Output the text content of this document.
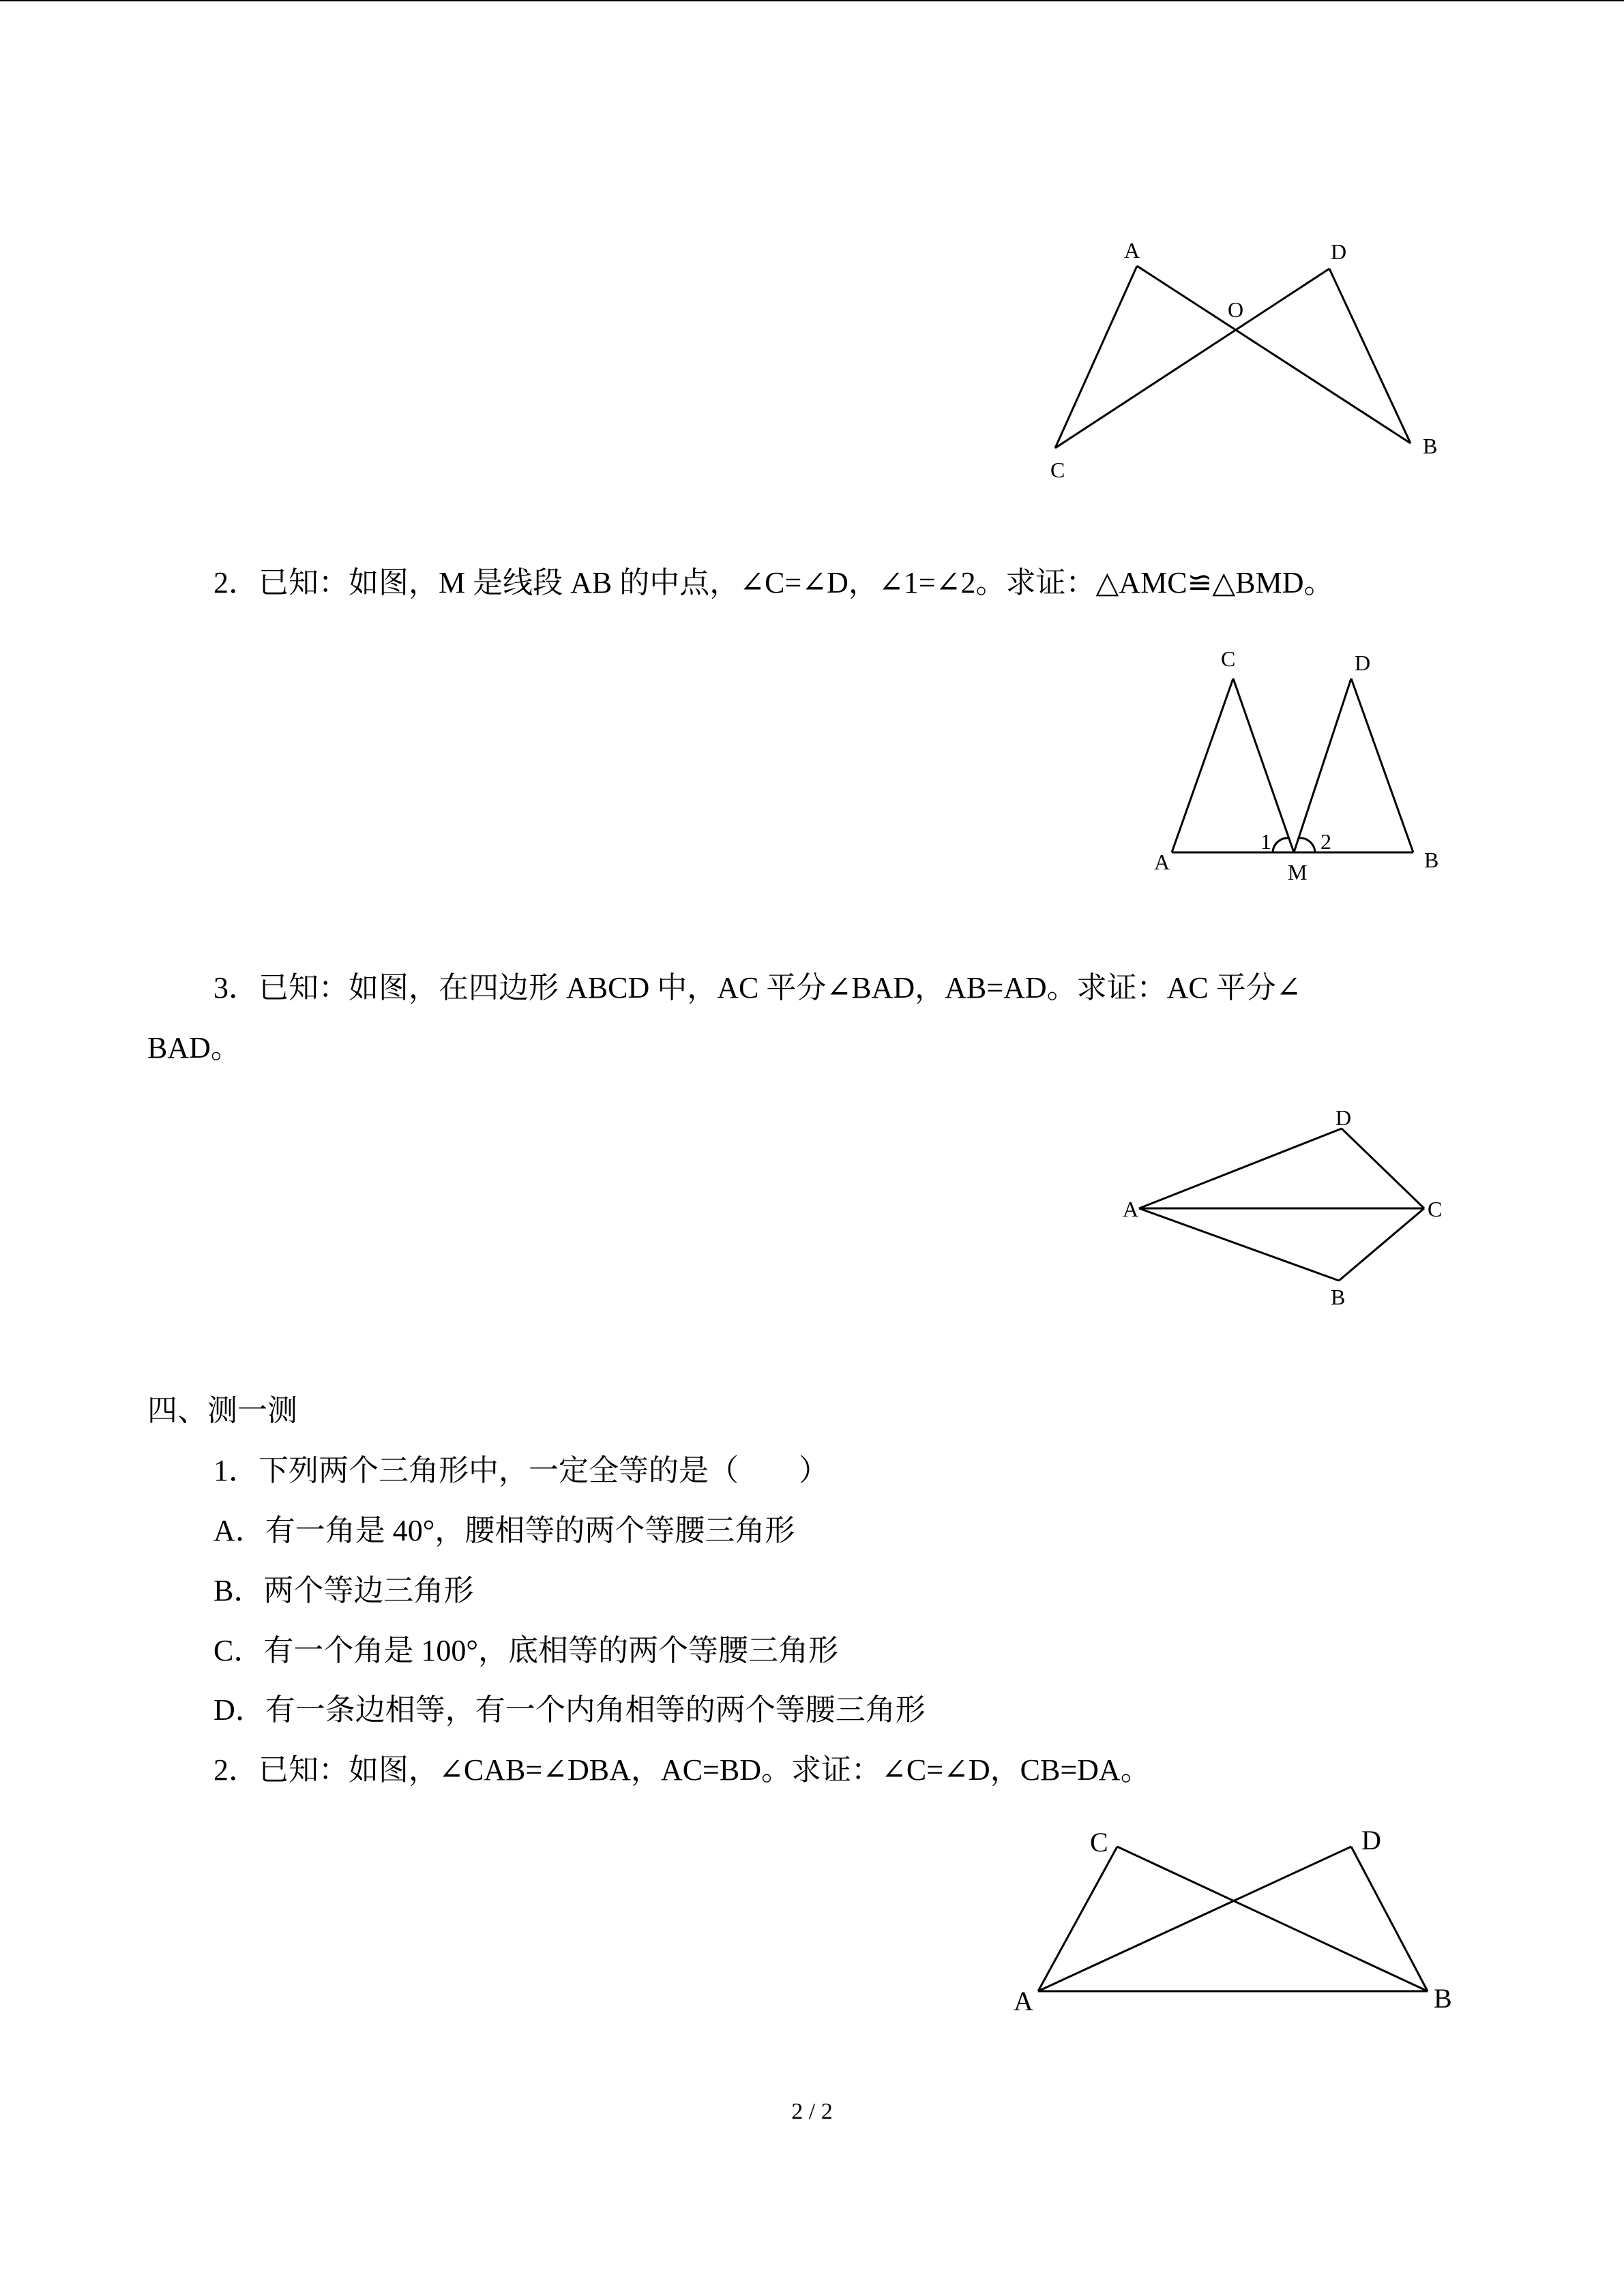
A	D
O
C
B
2．已知：如图，M 是线段 AB 的中点，∠C=∠D，∠1=∠2。求证：△AMC≌△BMD。
C	D
A	B
M
1 2
3．已知：如图，在四边形 ABCD 中，AC 平分∠BAD，AB=AD。求证：AC 平分∠
BAD。
D
A	C
B
四、测一测
1．下列两个三角形中，一定全等的是（　　）
A．有一角是 40°，腰相等的两个等腰三角形
B．两个等边三角形
C．有一个角是 100°，底相等的两个等腰三角形
D．有一条边相等，有一个内角相等的两个等腰三角形
2．已知：如图，∠CAB=∠DBA，AC=BD。求证：∠C=∠D，CB=DA。
C	D
A	B
2 / 2
